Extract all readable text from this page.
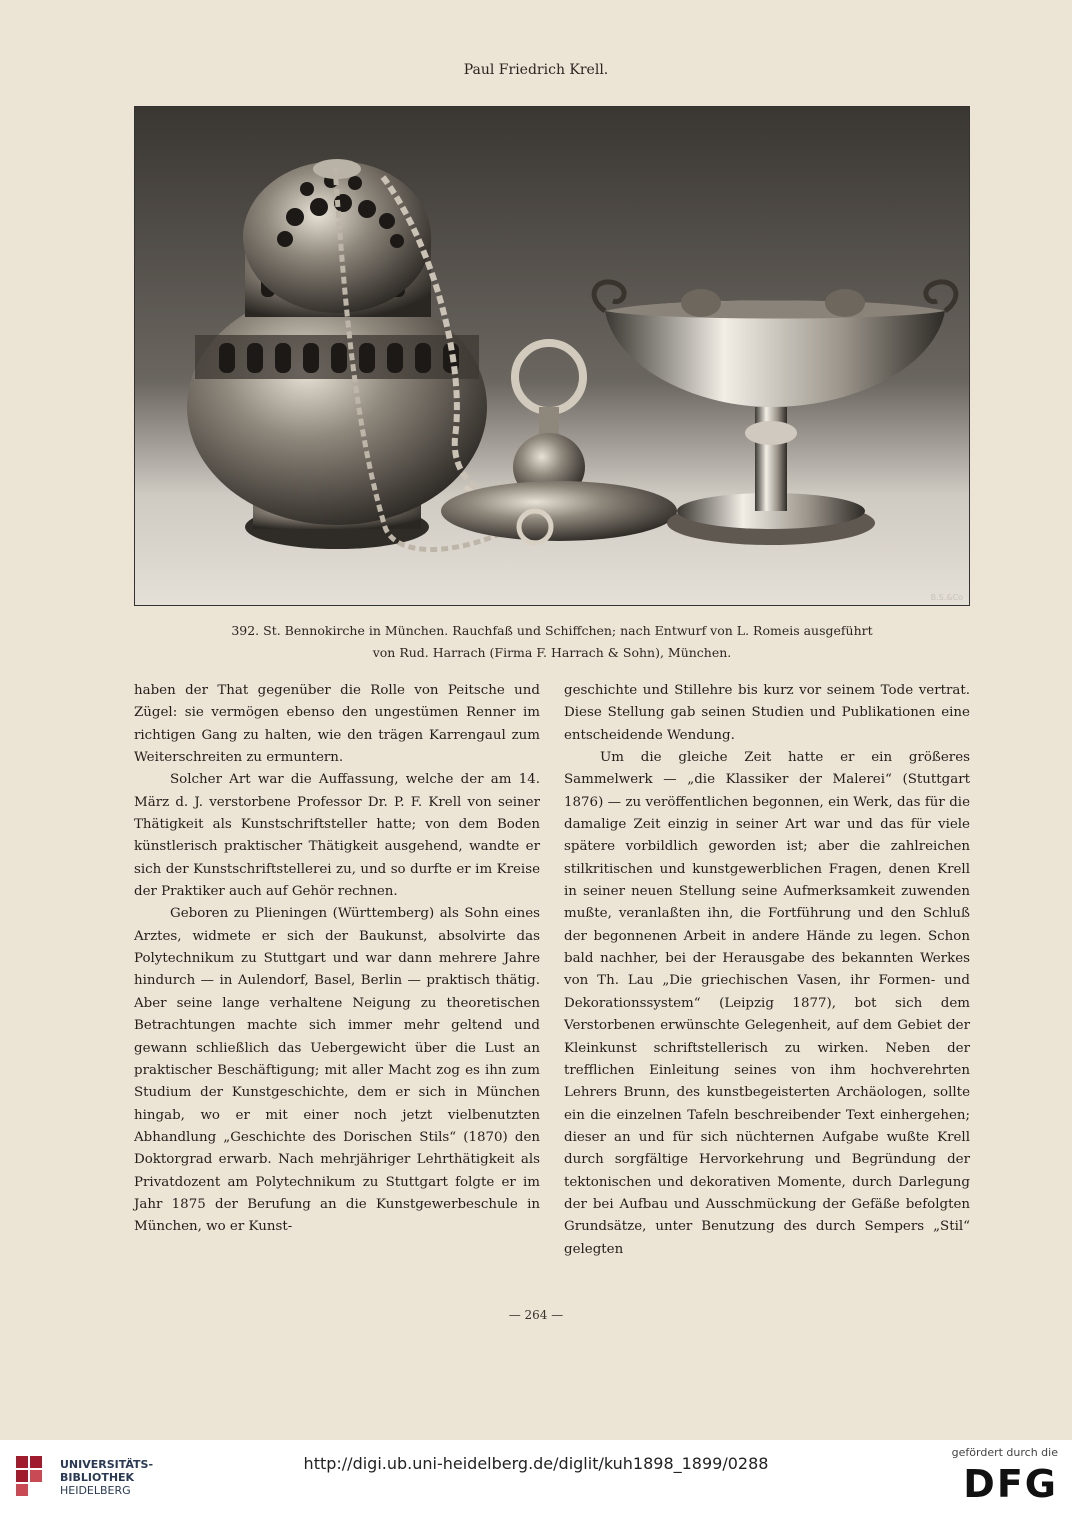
Paul Friedrich Krell.
B.S.&Co
392. St. Bennokirche in München. Rauchfaß und Schiffchen; nach Entwurf von L. Romeis ausgeführt
von Rud. Harrach (Firma F. Harrach & Sohn), München.

haben der That gegenüber die Rolle von Peitsche und Zügel: sie vermögen ebenso den ungestümen Renner im richtigen Gang zu halten, wie den trägen Karrengaul zum Weiterschreiten zu ermuntern.

Solcher Art war die Auffassung, welche der am 14. März d. J. verstorbene Professor Dr. P. F. Krell von seiner Thätigkeit als Kunstschriftsteller hatte; von dem Boden künstlerisch praktischer Thätigkeit ausgehend, wandte er sich der Kunstschriftstellerei zu, und so durfte er im Kreise der Praktiker auch auf Gehör rechnen.

Geboren zu Plieningen (Württemberg) als Sohn eines Arztes, widmete er sich der Baukunst, absolvirte das Polytechnikum zu Stuttgart und war dann mehrere Jahre hindurch — in Aulendorf, Basel, Berlin — praktisch thätig. Aber seine lange verhaltene Neigung zu theoretischen Betrachtungen machte sich immer mehr geltend und gewann schließlich das Uebergewicht über die Lust an praktischer Beschäftigung; mit aller Macht zog es ihn zum Studium der Kunstgeschichte, dem er sich in München hingab, wo er mit einer noch jetzt vielbenutzten Abhandlung „Geschichte des Dorischen Stils“ (1870) den Doktorgrad erwarb. Nach mehrjähriger Lehrthätigkeit als Privatdozent am Polytechnikum zu Stuttgart folgte er im Jahr 1875 der Berufung an die Kunstgewerbeschule in München, wo er Kunst-

geschichte und Stillehre bis kurz vor seinem Tode vertrat. Diese Stellung gab seinen Studien und Publikationen eine entscheidende Wendung.

Um die gleiche Zeit hatte er ein größeres Sammelwerk — „die Klassiker der Malerei“ (Stuttgart 1876) — zu veröffentlichen begonnen, ein Werk, das für die damalige Zeit einzig in seiner Art war und das für viele spätere vorbildlich geworden ist; aber die zahlreichen stilkritischen und kunstgewerblichen Fragen, denen Krell in seiner neuen Stellung seine Aufmerksamkeit zuwenden mußte, veranlaßten ihn, die Fortführung und den Schluß der begonnenen Arbeit in andere Hände zu legen. Schon bald nachher, bei der Herausgabe des bekannten Werkes von Th. Lau „Die griechischen Vasen, ihr Formen- und Dekorationssystem“ (Leipzig 1877), bot sich dem Verstorbenen erwünschte Gelegenheit, auf dem Gebiet der Kleinkunst schriftstellerisch zu wirken. Neben der trefflichen Einleitung seines von ihm hochverehrten Lehrers Brunn, des kunstbegeisterten Archäologen, sollte ein die einzelnen Tafeln beschreibender Text einhergehen; dieser an und für sich nüchternen Aufgabe wußte Krell durch sorgfältige Hervorkehrung und Begründung der tektonischen und dekorativen Momente, durch Darlegung der bei Aufbau und Ausschmückung der Gefäße befolgten Grundsätze, unter Benutzung des durch Sempers „Stil“ gelegten

— 264 —
UNIVERSITÄTS-
BIBLIOTHEK
HEIDELBERG
http://digi.ub.uni-heidelberg.de/diglit/kuh1898_1899/0288
gefördert durch die
DFG
